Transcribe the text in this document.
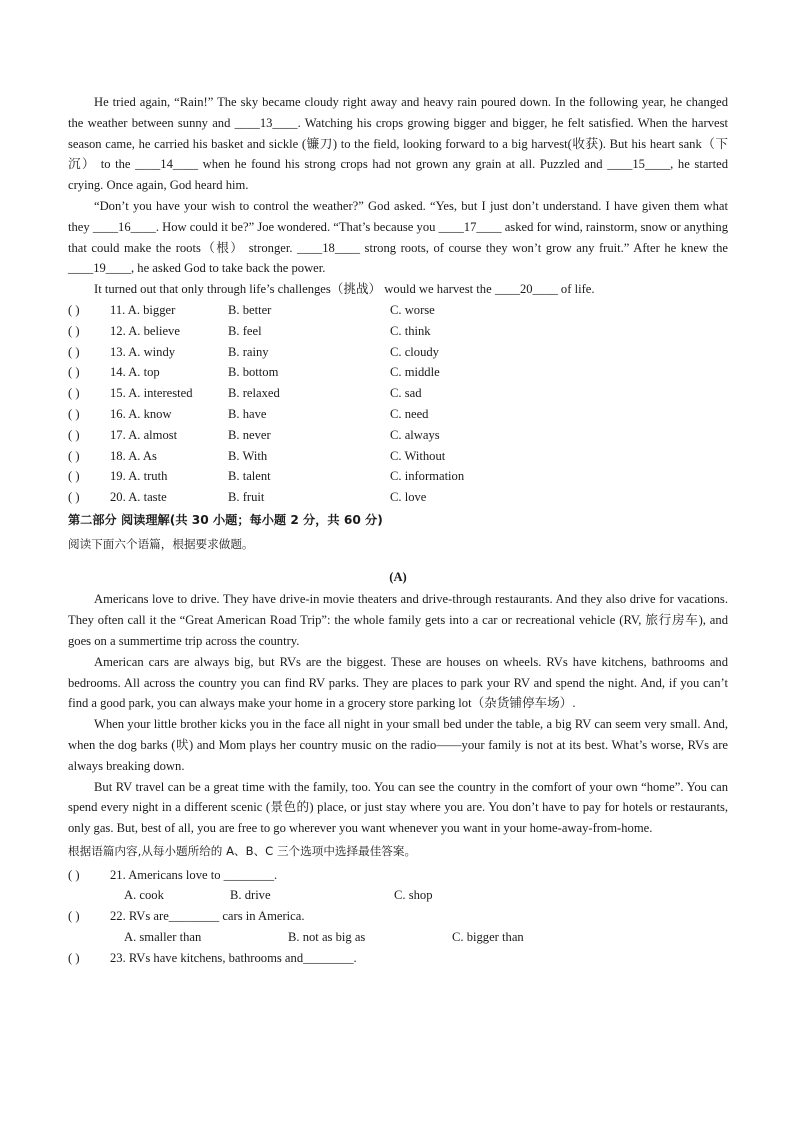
He tried again, “Rain!” The sky became cloudy right away and heavy rain poured down. In the following year, he changed the weather between sunny and ____13____. Watching his crops growing bigger and bigger, he felt satisfied. When the harvest season came, he carried his basket and sickle (镰刀) to the field, looking forward to a big harvest(收获). But his heart sank（下沉） to the ____14____ when he found his strong crops had not grown any grain at all. Puzzled and ____15____, he started crying. Once again, God heard him.

“Don’t you have your wish to control the weather?” God asked. “Yes, but I just don’t understand. I have given them what they ____16____. How could it be?” Joe wondered. “That’s because you ____17____ asked for wind, rainstorm, snow or anything that could make the roots（根） stronger. ____18____ strong roots, of course they won’t grow any fruit.” After he knew the ____19____, he asked God to take back the power.

It turned out that only through life’s challenges（挑战） would we harvest the ____20____ of life.

( )	11. A. bigger	B. better	C. worse
( )	12. A. believe	B. feel	C. think
( )	13. A. windy	B. rainy	C. cloudy
( )	14. A. top	B. bottom	C. middle
( )	15. A. interested	B. relaxed	C. sad
( )	16. A. know	B. have	C. need
( )	17. A. almost	B. never	C. always
( )	18. A. As	B. With	C. Without
( )	19. A. truth	B. talent	C. information
( )	20. A. taste	B. fruit	C. love
第二部分 阅读理解(共 30 小题；每小题 2 分，共 60 分)
阅读下面六个语篇，根据要求做题。
(A)

Americans love to drive. They have drive-in movie theaters and drive-through restaurants. And they also drive for vacations. They often call it the “Great American Road Trip”: the whole family gets into a car or recreational vehicle (RV, 旅行房车), and goes on a summertime trip across the country.

American cars are always big, but RVs are the biggest. These are houses on wheels. RVs have kitchens, bathrooms and bedrooms. All across the country you can find RV parks. They are places to park your RV and spend the night. And, if you can’t find a good park, you can always make your home in a grocery store parking lot（杂货铺停车场）.

When your little brother kicks you in the face all night in your small bed under the table, a big RV can seem very small. And, when the dog barks (吠) and Mom plays her country music on the radio——your family is not at its best. What’s worse, RVs are always breaking down.

But RV travel can be a great time with the family, too. You can see the country in the comfort of your own “home”. You can spend every night in a different scenic (景色的) place, or just stay where you are. You don’t have to pay for hotels or restaurants, only gas. But, best of all, you are free to go wherever you want whenever you want in your home-away-from-home.

根据语篇内容,从每小题所给的 A、B、C 三个选项中选择最佳答案。
( )	21. Americans love to ________.
A. cook	B. drive	C. shop
( )	22. RVs are________ cars in America.
A. smaller than	B. not as big as	C. bigger than
( )	23. RVs have kitchens, bathrooms and________.
